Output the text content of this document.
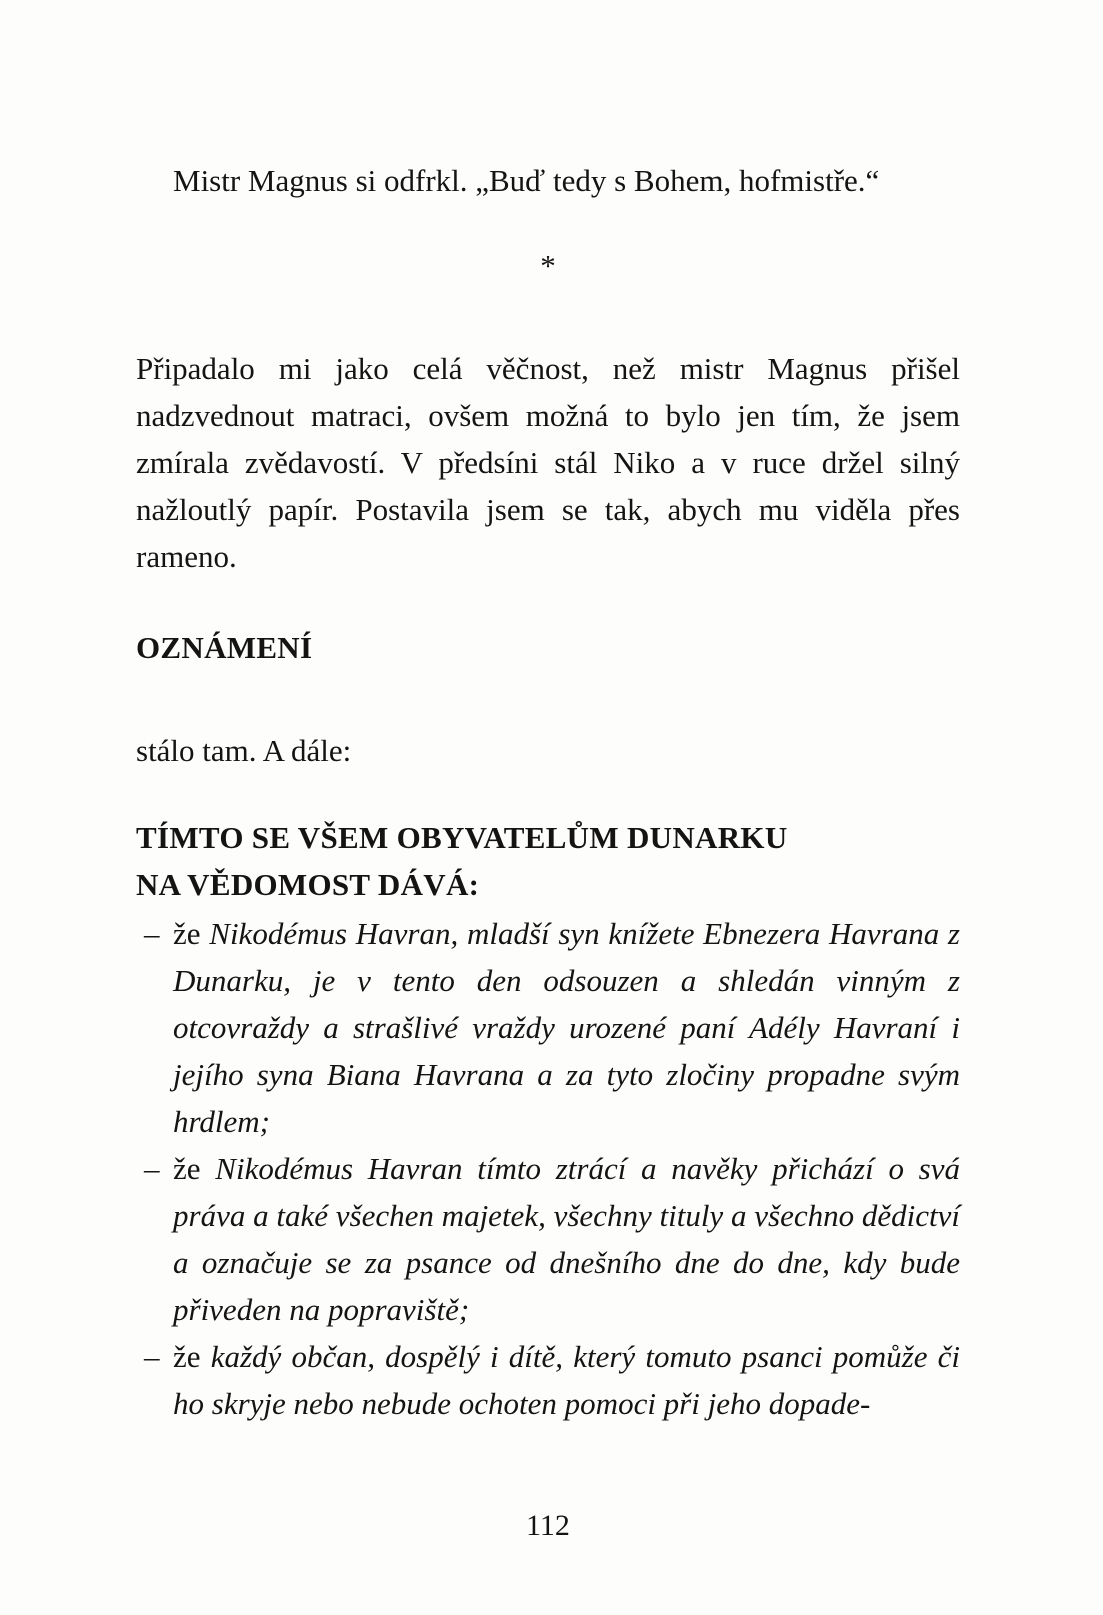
Mistr Magnus si odfrkl. „Buď tedy s Bohem, hofmistře.“

*

Připadalo mi jako celá věčnost, než mistr Magnus přišel nadzvednout matraci, ovšem možná to bylo jen tím, že jsem zmírala zvědavostí. V předsíni stál Niko a v ruce držel silný nažloutlý papír. Postavila jsem se tak, abych mu viděla přes rameno.

OZNÁMENÍ

stálo tam. A dále:

TÍMTO SE VŠEM OBYVATELŮM DUNARKU
NA VĚDOMOST DÁVÁ:
– že Nikodémus Havran, mladší syn knížete Ebnezera Havrana z Dunarku, je v tento den odsouzen a shledán vinným z otcovraždy a strašlivé vraždy urozené paní Adély Havraní i jejího syna Biana Havrana a za tyto zločiny propadne svým hrdlem;
– že Nikodémus Havran tímto ztrácí a navěky přichází o svá práva a také všechen majetek, všechny tituly a všechno dědictví a označuje se za psance od dnešního dne do dne, kdy bude přiveden na popraviště;
– že každý občan, dospělý i dítě, který tomuto psanci pomůže či ho skryje nebo nebude ochoten pomoci při jeho dopade-
112
